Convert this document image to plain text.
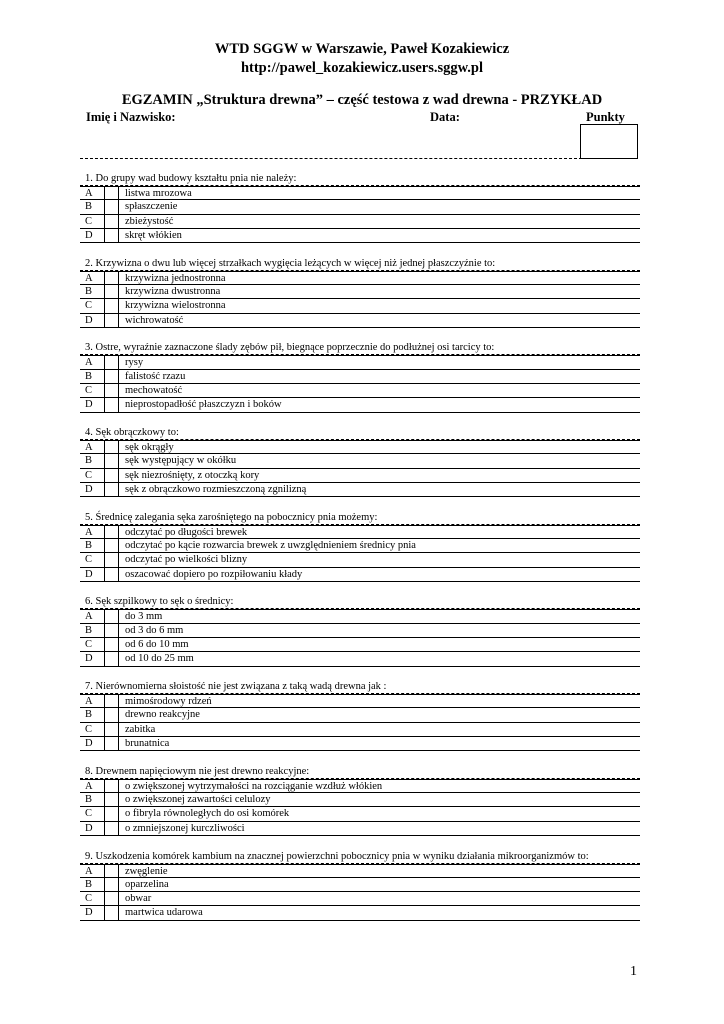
WTD SGGW w Warszawie, Paweł Kozakiewicz
http://pawel_kozakiewicz.users.sggw.pl
EGZAMIN „Struktura drewna” – część testowa z wad drewna - PRZYKŁAD
Imię i Nazwisko:	Data:	Punkty
1. Do grupy wad budowy kształtu pnia nie należy:
A	listwa mrozowa
B	spłaszczenie
C	zbieżystość
D	skręt włókien
2. Krzywizna o dwu lub więcej strzałkach wygięcia leżących w więcej niż jednej płaszczyźnie to:
A	krzywizna jednostronna
B	krzywizna dwustronna
C	krzywizna wielostronna
D	wichrowatość
3. Ostre, wyraźnie zaznaczone ślady zębów pił, biegnące poprzecznie do podłużnej osi tarcicy to:
A	rysy
B	falistość rzazu
C	mechowatość
D	nieprostopadłość płaszczyzn i boków
4. Sęk obrączkowy to:
A	sęk okrągły
B	sęk występujący w okółku
C	sęk niezrośnięty, z otoczką kory
D	sęk z obrączkowo rozmieszczoną zgnilizną
5. Średnicę zalegania sęka zarośniętego na pobocznicy pnia możemy:
A	odczytać po długości brewek
B	odczytać po kącie rozwarcia brewek z uwzględnieniem średnicy pnia
C	odczytać po wielkości blizny
D	oszacować dopiero po rozpiłowaniu kłady
6. Sęk szpilkowy to sęk o średnicy:
A	do 3 mm
B	od 3 do 6 mm
C	od 6 do 10 mm
D	od 10 do 25 mm
7. Nierównomierna słoistość nie jest związana z taką wadą drewna jak :
A	mimośrodowy rdzeń
B	drewno reakcyjne
C	zabitka
D	brunatnica
8. Drewnem napięciowym nie jest drewno reakcyjne:
A	o zwiększonej wytrzymałości na rozciąganie wzdłuż włókien
B	o zwiększonej zawartości celulozy
C	o fibryla równoległych do osi komórek
D	o zmniejszonej kurczliwości
9. Uszkodzenia komórek kambium na znacznej powierzchni pobocznicy pnia w wyniku działania mikroorganizmów to:
A	zwęglenie
B	oparzelina
C	obwar
D	martwica udarowa
1
